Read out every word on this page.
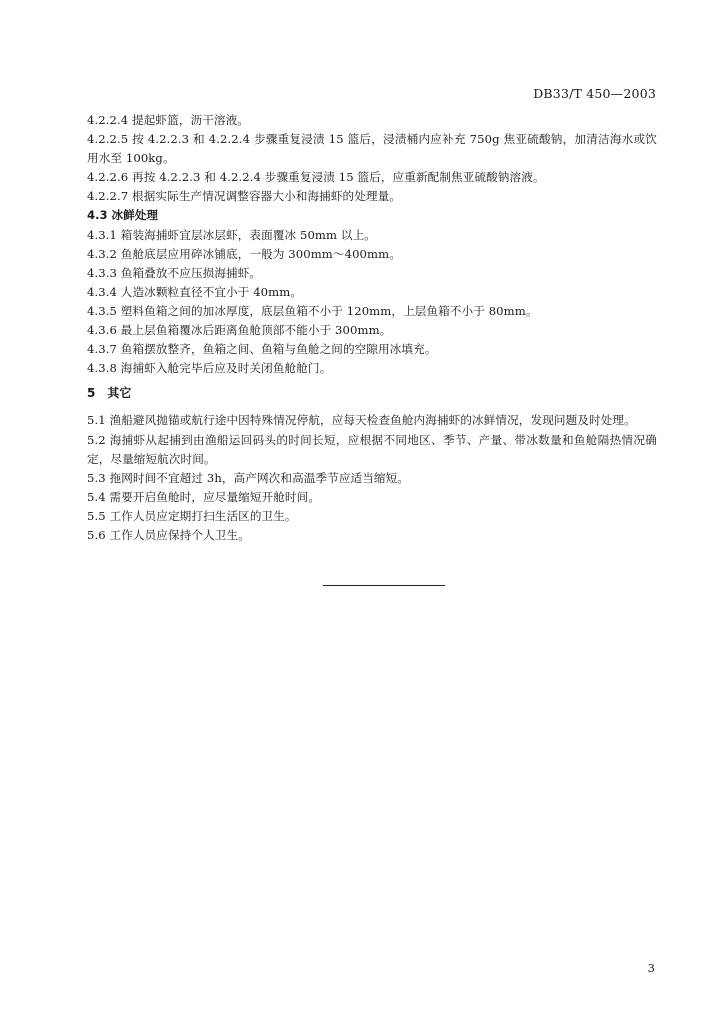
DB33/T 450—2003
4.2.2.4 提起虾篮，沥干溶液。
4.2.2.5 按 4.2.2.3 和 4.2.2.4 步骤重复浸渍 15 篮后，浸渍桶内应补充 750g 焦亚硫酸钠，加清洁海水或饮用水至 100kg。
4.2.2.6 再按 4.2.2.3 和 4.2.2.4 步骤重复浸渍 15 篮后，应重新配制焦亚硫酸钠溶液。
4.2.2.7 根据实际生产情况调整容器大小和海捕虾的处理量。
4.3 冰鲜处理
4.3.1 箱装海捕虾宜层冰层虾，表面覆冰 50mm 以上。
4.3.2 鱼舱底层应用碎冰铺底，一般为 300mm～400mm。
4.3.3 鱼箱叠放不应压损海捕虾。
4.3.4 人造冰颗粒直径不宜小于 40mm。
4.3.5 塑料鱼箱之间的加冰厚度，底层鱼箱不小于 120mm，上层鱼箱不小于 80mm。
4.3.6 最上层鱼箱覆冰后距离鱼舱顶部不能小于 300mm。
4.3.7 鱼箱摆放整齐，鱼箱之间、鱼箱与鱼舱之间的空隙用冰填充。
4.3.8 海捕虾入舱完毕后应及时关闭鱼舱舱门。
5 其它
5.1 渔船避风抛锚或航行途中因特殊情况停航，应每天检查鱼舱内海捕虾的冰鲜情况，发现问题及时处理。
5.2 海捕虾从起捕到由渔船运回码头的时间长短，应根据不同地区、季节、产量、带冰数量和鱼舱隔热情况确定，尽量缩短航次时间。
5.3 拖网时间不宜超过 3h，高产网次和高温季节应适当缩短。
5.4 需要开启鱼舱时，应尽量缩短开舱时间。
5.5 工作人员应定期打扫生活区的卫生。
5.6 工作人员应保持个人卫生。
3
